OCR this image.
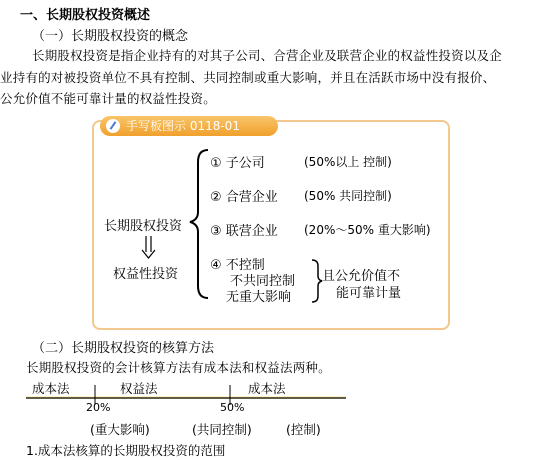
一、长期股权投资概述
（一）长期股权投资的概念
长期股权投资是指企业持有的对其子公司、合营企业及联营企业的权益性投资以及企
业持有的对被投资单位不具有控制、共同控制或重大影响，并且在活跃市场中没有报价、
公允价值不能可靠计量的权益性投资。
手写板图示 0118-01
长期股权投资
权益性投资
① 子公司	(50%以上 控制)
② 合营企业 (50% 共同控制)
③ 联营企业 (20%～50% 重大影响)
④ 不控制
不共同控制
无重大影响
且公允价值不
能可靠计量
（二）长期股权投资的核算方法
长期股权投资的会计核算方法有成本法和权益法两种。
成本法	权益法	成本法
20%	50%
(重大影响)	(共同控制)	(控制)
1.成本法核算的长期股权投资的范围
